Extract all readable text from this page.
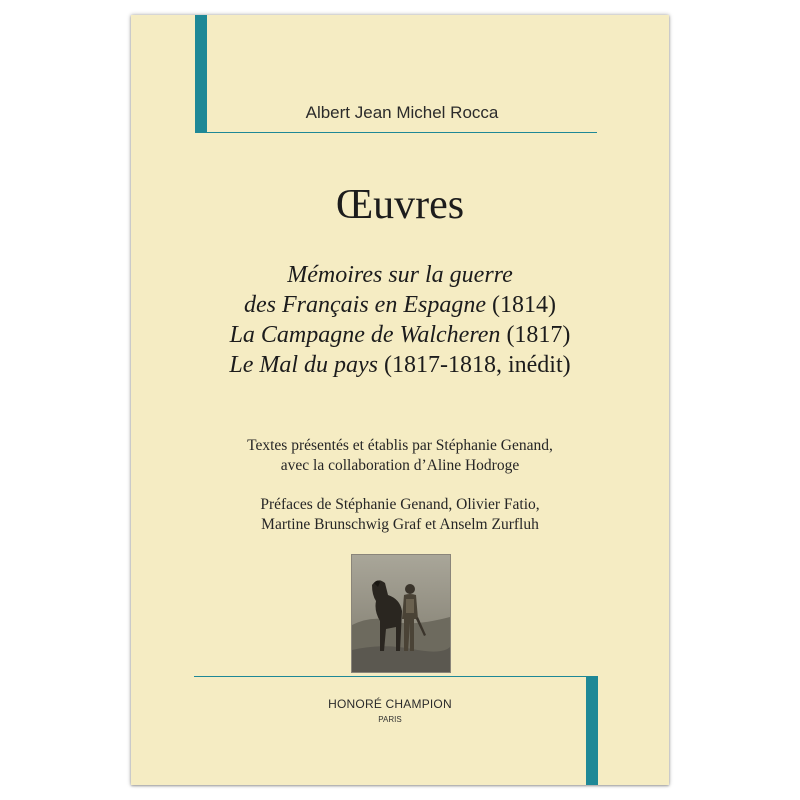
Albert Jean Michel Rocca
Œuvres
Mémoires sur la guerre
des Français en Espagne (1814)
La Campagne de Walcheren (1817)
Le Mal du pays (1817-1818, inédit)
Textes présentés et établis par Stéphanie Genand,
avec la collaboration d’Aline Hodroge
Préfaces de Stéphanie Genand, Olivier Fatio,
Martine Brunschwig Graf et Anselm Zurfluh
HONORÉ CHAMPION
PARIS
